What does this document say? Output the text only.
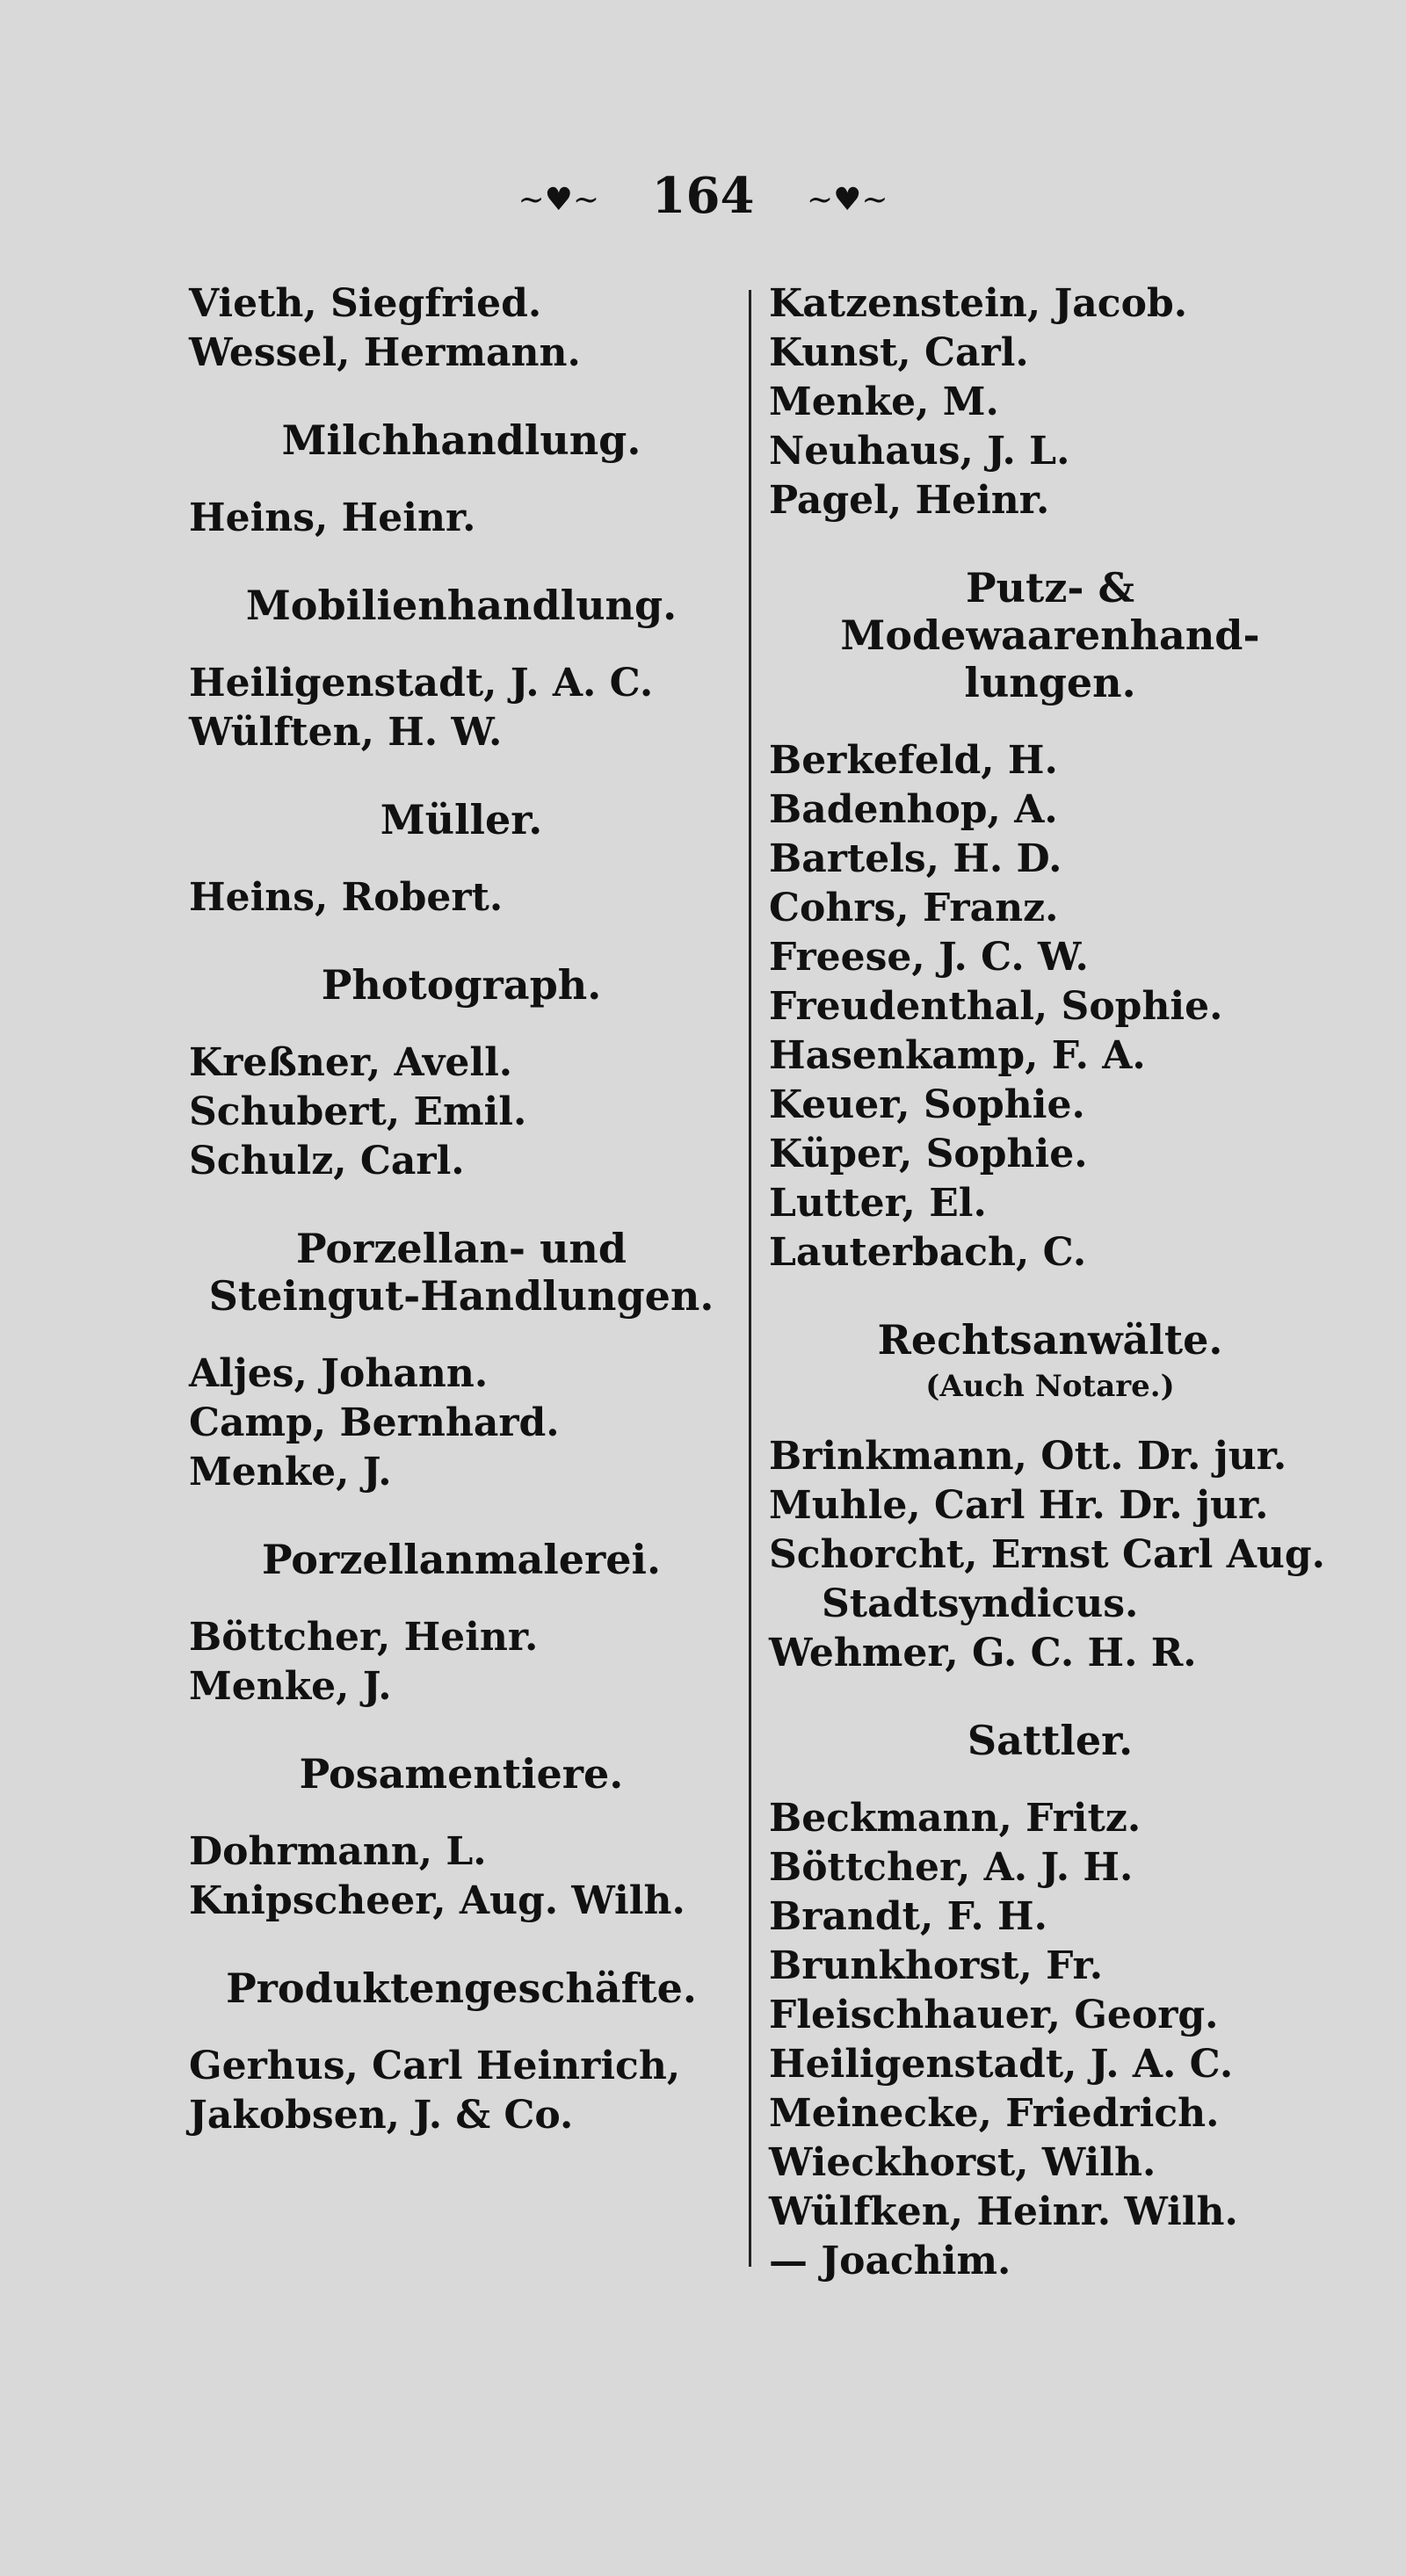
~♥~ 164 ~♥~
Vieth, Siegfried.
Wessel, Hermann.
Milchhandlung.
Heins, Heinr.
Mobilienhandlung.
Heiligenstadt, J. A. C.
Wülften, H. W.
Müller.
Heins, Robert.
Photograph.
Kreßner, Avell.
Schubert, Emil.
Schulz, Carl.
Porzellan- und Steingut-Handlungen.
Aljes, Johann.
Camp, Bernhard.
Menke, J.
Porzellanmalerei.
Böttcher, Heinr.
Menke, J.
Posamentiere.
Dohrmann, L.
Knipscheer, Aug. Wilh.
Produktengeschäfte.
Gerhus, Carl Heinrich,
Jakobsen, J. & Co.
Katzenstein, Jacob.
Kunst, Carl.
Menke, M.
Neuhaus, J. L.
Pagel, Heinr.
Putz- & Modewaarenhand-lungen.
Berkefeld, H.
Badenhop, A.
Bartels, H. D.
Cohrs, Franz.
Freese, J. C. W.
Freudenthal, Sophie.
Hasenkamp, F. A.
Keuer, Sophie.
Küper, Sophie.
Lutter, El.
Lauterbach, C.
Rechtsanwälte.
(Auch Notare.)
Brinkmann, Ott. Dr. jur.
Muhle, Carl Hr. Dr. jur.
Schorcht, Ernst Carl Aug.
Stadtsyndicus.
Wehmer, G. C. H. R.
Sattler.
Beckmann, Fritz.
Böttcher, A. J. H.
Brandt, F. H.
Brunkhorst, Fr.
Fleischhauer, Georg.
Heiligenstadt, J. A. C.
Meinecke, Friedrich.
Wieckhorst, Wilh.
Wülfken, Heinr. Wilh.
— Joachim.
